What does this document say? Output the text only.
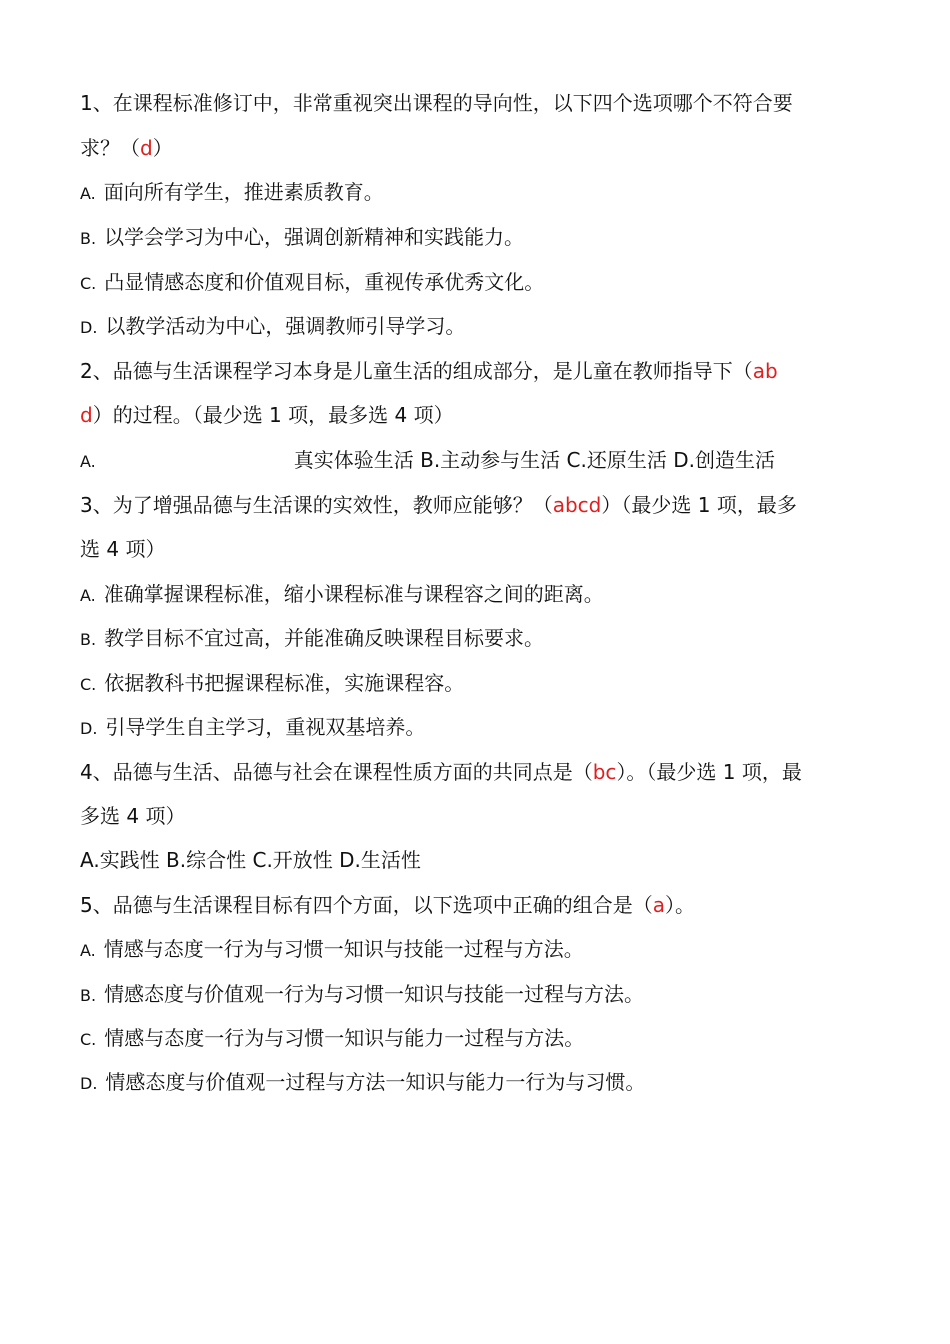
1、在课程标准修订中，非常重视突出课程的导向性，以下四个选项哪个不符合要
求？（d）
A. 面向所有学生，推进素质教育。
B. 以学会学习为中心，强调创新精神和实践能力。
C. 凸显情感态度和价值观目标，重视传承优秀文化。
D. 以教学活动为中心，强调教师引导学习。
2、品德与生活课程学习本身是儿童生活的组成部分，是儿童在教师指导下（ab
d）的过程。（最少选 1 项，最多选 4 项）
A.	真实体验生活 B.主动参与生活 C.还原生活 D.创造生活
3、为了增强品德与生活课的实效性，教师应能够？（abcd）（最少选 1 项，最多
选 4 项）
A. 准确掌握课程标准，缩小课程标准与课程容之间的距离。
B. 教学目标不宜过高，并能准确反映课程目标要求。
C. 依据教科书把握课程标准，实施课程容。
D. 引导学生自主学习，重视双基培养。
4、品德与生活、品德与社会在课程性质方面的共同点是（bc）。（最少选 1 项，最
多选 4 项）
A.实践性 B.综合性 C.开放性 D.生活性
5、品德与生活课程目标有四个方面，以下选项中正确的组合是（a）。
A. 情感与态度一行为与习惯一知识与技能一过程与方法。
B. 情感态度与价值观一行为与习惯一知识与技能一过程与方法。
C. 情感与态度一行为与习惯一知识与能力一过程与方法。
D. 情感态度与价值观一过程与方法一知识与能力一行为与习惯。
